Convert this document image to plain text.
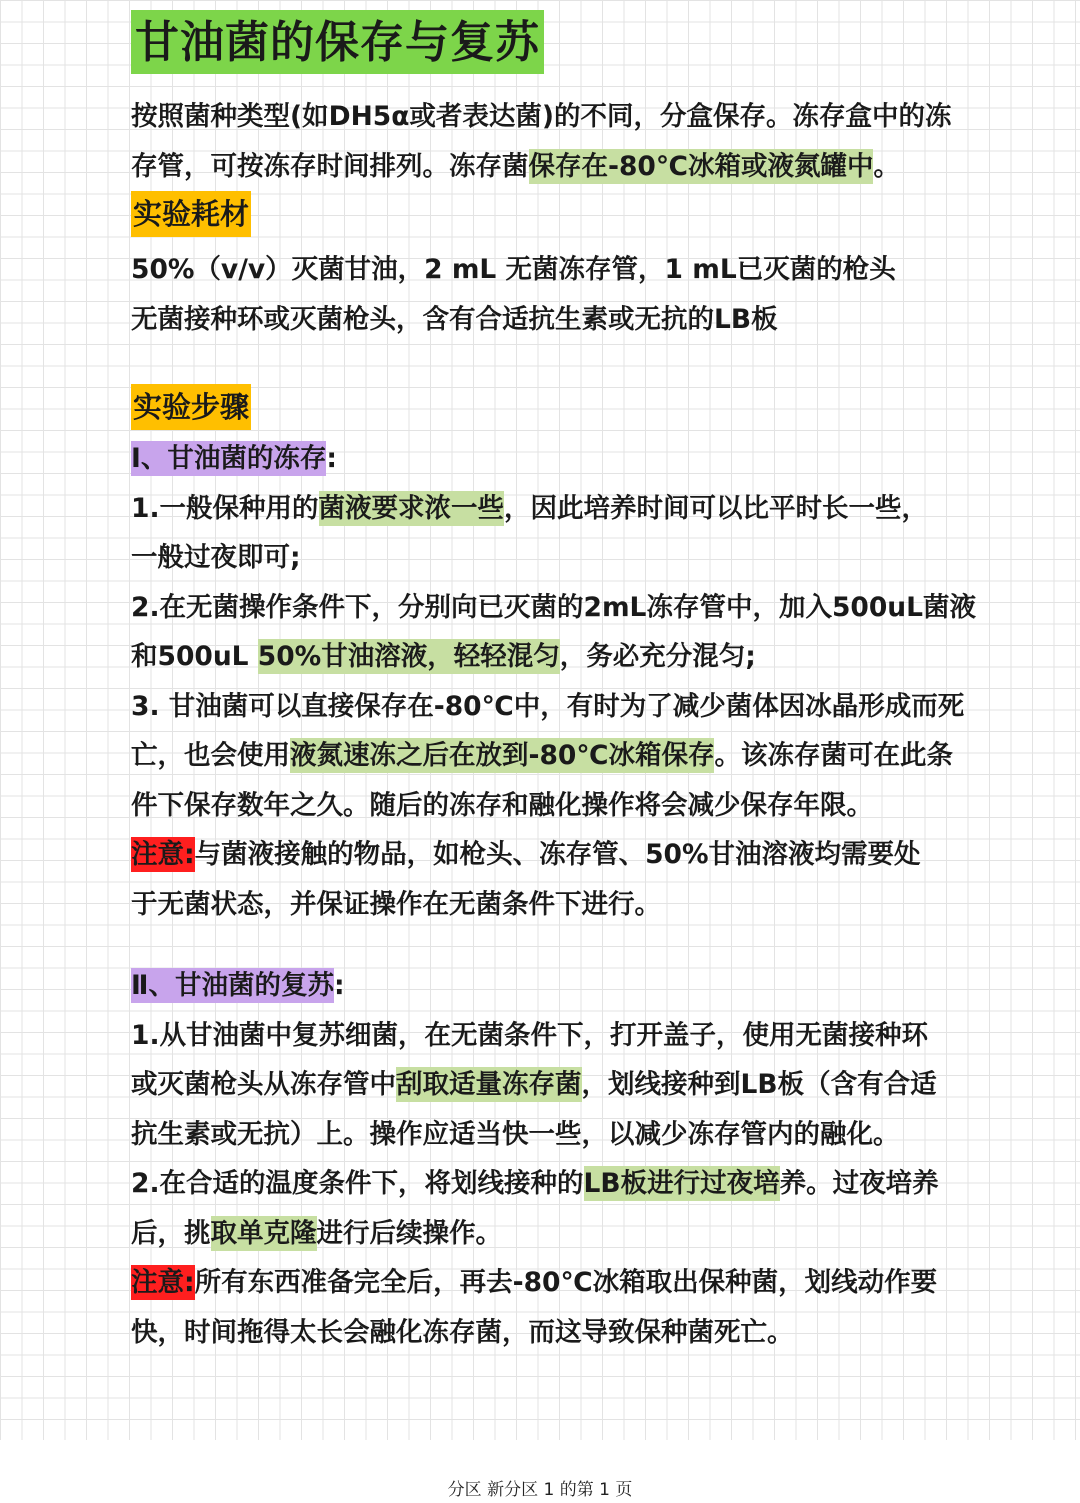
甘油菌的保存与复苏

按照菌种类型(如DH5α或者表达菌)的不同，分盒保存。冻存盒中的冻

存管，可按冻存时间排列。冻存菌保存在-80℃冰箱或液氮罐中。

实验耗材

50%（v/v）灭菌甘油，2 mL 无菌冻存管，1 mL已灭菌的枪头

无菌接种环或灭菌枪头，含有合适抗生素或无抗的LB板

实验步骤

Ⅰ、甘油菌的冻存:

1.一般保种用的菌液要求浓一些，因此培养时间可以比平时长一些，

一般过夜即可;

2.在无菌操作条件下，分别向已灭菌的2mL冻存管中，加入500uL菌液

和500uL 50%甘油溶液，轻轻混匀，务必充分混匀;

3. 甘油菌可以直接保存在-80℃中，有时为了减少菌体因冰晶形成而死

亡，也会使用液氮速冻之后在放到-80℃冰箱保存。该冻存菌可在此条

件下保存数年之久。随后的冻存和融化操作将会减少保存年限。

注意:与菌液接触的物品，如枪头、冻存管、50%甘油溶液均需要处

于无菌状态，并保证操作在无菌条件下进行。

Ⅱ、甘油菌的复苏:

1.从甘油菌中复苏细菌，在无菌条件下，打开盖子，使用无菌接种环

或灭菌枪头从冻存管中刮取适量冻存菌，划线接种到LB板（含有合适

抗生素或无抗）上。操作应适当快一些，以减少冻存管内的融化。

2.在合适的温度条件下，将划线接种的LB板进行过夜培养。过夜培养

后，挑取单克隆进行后续操作。

注意:所有东西准备完全后，再去-80℃冰箱取出保种菌，划线动作要

快，时间拖得太长会融化冻存菌，而这导致保种菌死亡。

分区 新分区 1 的第 1 页
